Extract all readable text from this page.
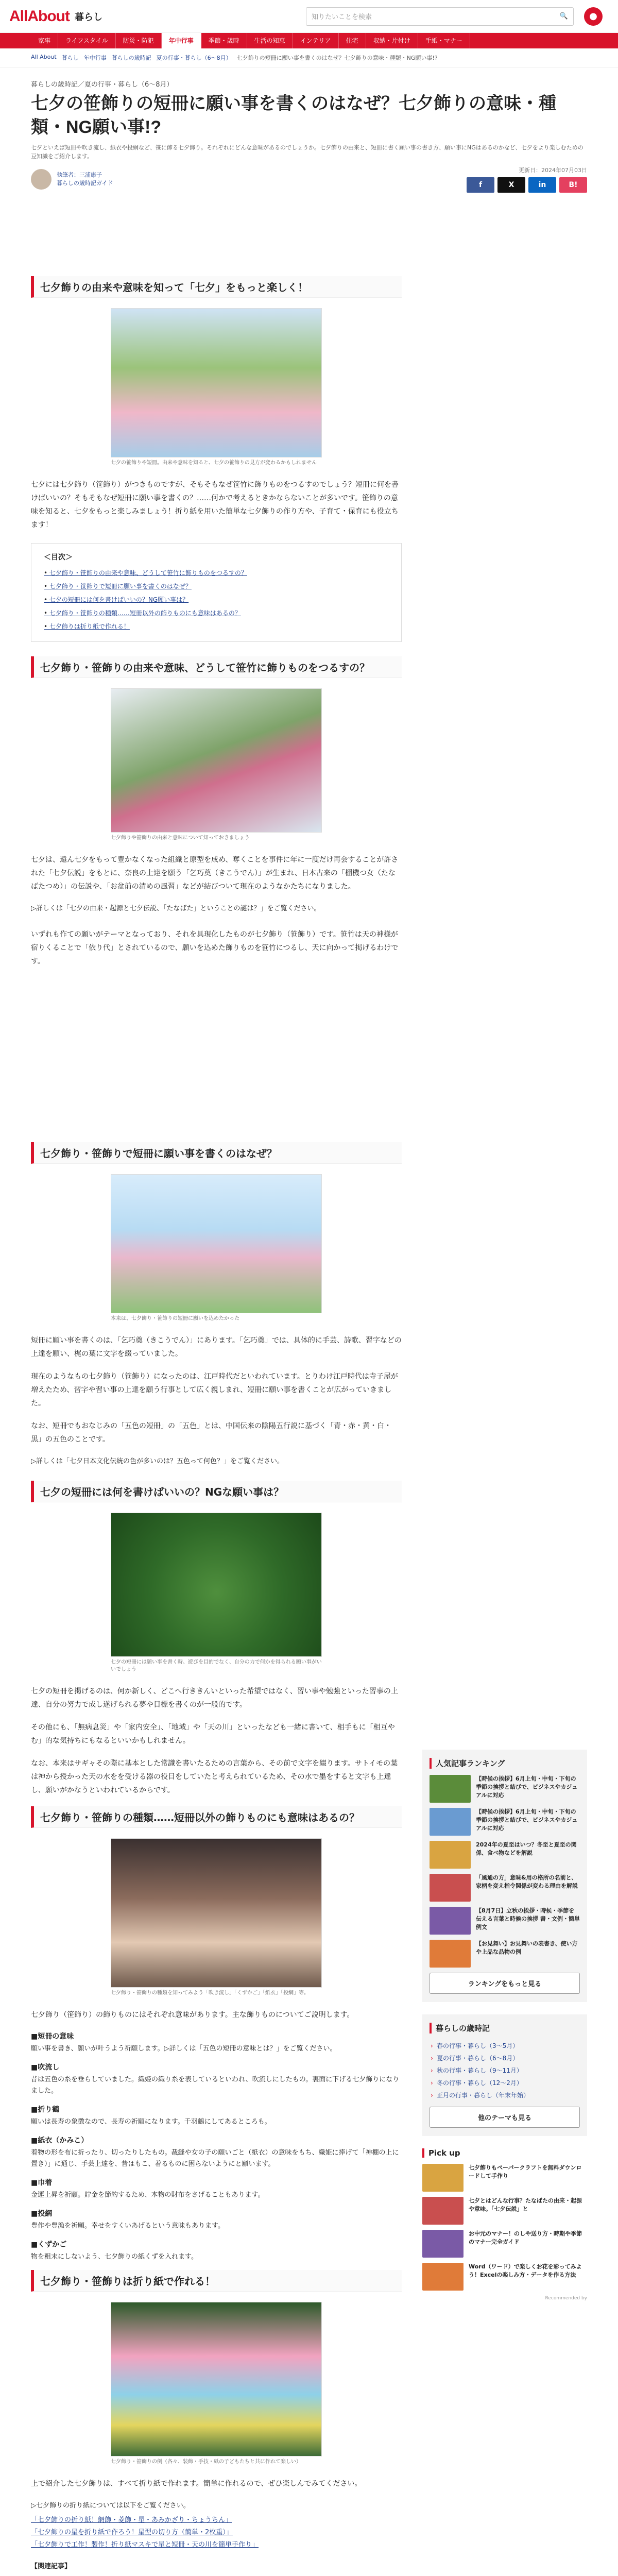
AllAbout 暮らし	知りたいことを検索	🔍	●
家事	ライフスタイル	防災・防犯	年中行事	季節・歳時	生活の知恵	インテリア	住宅	収納・片付け	手紙・マナー
All About 暮らし 年中行事 暮らしの歳時記 夏の行事・暮らし（6〜8月） 七夕飾りの短冊に願い事を書くのはなぜ？七夕飾りの意味・種類・NG願い事!?
暮らしの歳時記／夏の行事・暮らし（6〜8月）
七夕の笹飾りの短冊に願い事を書くのはなぜ？七夕飾りの意味・種類・NG願い事!?
七夕といえば短冊や吹き流し、紙衣や投網など、笹に飾る七夕飾り。それぞれにどんな意味があるのでしょうか。七夕飾りの由来と、短冊に書く願い事の書き方、願い事にNGはあるのかなど、七夕をより楽しむための豆知識をご紹介します。
執筆者：三浦康子
暮らしの歳時記ガイド
更新日：2024年07月03日
f	X	in	B!
七夕飾りの由来や意味を知って「七夕」をもっと楽しく！
七夕の笹飾りや短冊。由来や意味を知ると、七夕の笹飾りの見方が変わるかもしれません

七夕には七夕飾り（笹飾り）がつきものですが、そもそもなぜ笹竹に飾りものをつるすのでしょう？短冊に何を書けばいいの？そもそもなぜ短冊に願い事を書くの？……何かで考えるときかならないことが多いです。笹飾りの意味を知ると、七夕をもっと楽しみましょう！折り紙を用いた簡単な七夕飾りの作り方や、子育て・保育にも役立ちます！

＜目次＞
• 七夕飾り・笹飾りの由来や意味、どうして笹竹に飾りものをつるすの？
• 七夕飾り・笹飾りで短冊に願い事を書くのはなぜ？
• 七夕の短冊には何を書けばいいの？NG願い事は？
• 七夕飾り・笹飾りの種類……短冊以外の飾りものにも意味はあるの？
• 七夕飾りは折り紙で作れる！
七夕飾り・笹飾りの由来や意味、どうして笹竹に飾りものをつるすの？
七夕飾りや笹飾りの由来と意味について知っておきましょう

七夕は、遠ん七夕をもって豊かなくなった組織と原型を成め、奪くことを事件に年に一度だけ再会することが許された「七夕伝説」をもとに、奈良の上達を願う「乞巧奠（きこうでん）」が生まれ、日本古来の「棚機つ女（たなばたつめ）」の伝説や、「お盆前の清めの風習」などが結びついて現在のようなかたちになりました。

▷詳しくは「七夕の由来・起源と七夕伝説、「たなばた」ということの謎は？」をご覧ください。

いずれも作ての願いがテーマとなっており、それを具現化したものが七夕飾り（笹飾り）です。笹竹は天の神様が宿りくることで「依り代」とされているので、願いを込めた飾りものを笹竹につるし、天に向かって掲げるわけです。

七夕飾り・笹飾りで短冊に願い事を書くのはなぜ？
本来は、七夕飾り・笹飾りの短冊に願いを込めたかった

短冊に願い事を書くのは、「乞巧奠（きこうでん）」にあります。「乞巧奠」では、具体的に手芸、詩歌、習字などの上達を願い、梶の葉に文字を綴っていました。

現在のようなもの七夕飾り（笹飾り）になったのは、江戸時代だといわれています。とりわけ江戸時代は寺子屋が増えたため、習字や習い事の上達を願う行事として広く親しまれ、短冊に願い事を書くことが広がっていきました。

なお、短冊でもおなじみの「五色の短冊」の「五色」とは、中国伝来の陰陽五行説に基づく「青・赤・黄・白・黒」の五色のことです。

▷詳しくは「七夕日本文化伝統の色が多いのは？五色って何色？」をご覧ください。
七夕の短冊には何を書けばいいの？NGな願い事は？
七夕の短冊には願い事を書く時、遊びを目的でなく、自分の力で何かを得られる願い事がいいでしょう

七夕の短冊を掲げるのは、何か新しく、どこへ行ききんいといった希望ではなく、習い事や勉強といった習事の上達、自分の努力で成し遂げられる夢や目標を書くのが一般的です。

その他にも、「無病息災」や「家内安全」、「地域」や「天の川」といったなども一緒に書いて、相手もに「相互やむ」的な気持ちにもなるといいかもしれません。

なお、本来はサギャその際に基本とした常識を書いたるための言葉から、その前で文字を綴ります。サトイモの葉は神から授かった天の水をを受ける器の役目をしていたと考えられているため、その水で墨をすると文字も上達し、願いがかなうといわれているからです。

七夕飾り・笹飾りの種類……短冊以外の飾りものにも意味はあるの？
七夕飾り・笹飾りの種類を知ってみよう「吹き流し」「くずかご」「紙衣」「投網」等。

七夕飾り（笹飾り）の飾りものにはそれぞれ意味があります。主な飾りものについてご説明します。

■短冊の意味
願い事を書き、願いが叶うよう祈願します。▷詳しくは「五色の短冊の意味とは？」をご覧ください。
■吹流し
昔は五色の糸を垂らしていました。織姫の織り糸を表しているといわれ、吹流しにしたもの。裏面に下げる七夕飾りになりました。
■折り鶴
願いは長寿の象徴なので、長寿の祈願になります。千羽鶴にしてあるところも。
■紙衣（かみこ）
着物の形を布に折ったり、切ったりしたもの。裁縫や女の子の願いごと（紙衣）の意味をもち、織姫に捧げて「神棚の上に置き）」に通じ、手芸上達を、昔はもこ、着るものに困らないようにと願います。
■巾着
金運上昇を祈願。貯金を節約するため、本物の財布をさげることもあります。
■投網
豊作や豊漁を祈願。幸せをすくいあげるという意味もあります。
■くずかご
物を粗末にしないよう、七夕飾りの紙くずを入れます。
七夕飾り・笹飾りは折り紙で作れる！
七夕飾り・笹飾りの例（各々、装飾・手技・紙の子どもたちと共に作れて楽しい）

上で紹介した七夕飾りは、すべて折り紙で作れます。簡単に作れるので、ぜひ楽しんでみてください。

▷七夕飾りの折り紙については以下をご覧ください。
「七夕飾りの折り紙！網飾・菱飾・星・あみかざり・ちょうちん」
「七夕飾りの星を折り紙で作ろう！星型の切り方（簡単・2枚重）」
「七夕飾りで工作！製作！折り紙マスキで星と短冊・天の川を簡単手作り」
【関連記事】
人気記事ランキング
【時候の挨拶】6月上旬・中旬・下旬の季節の挨拶と結びで、ビジネスやカジュアルに対応
【時候の挨拶】6月上旬・中旬・下旬の季節の挨拶と結びで、ビジネスやカジュアルに対応
2024年の夏至はいつ？冬至と夏至の関係、食べ物などを解説
「風通の方」意味&用の格所の名前と、家柄を変え指令関係が変わる理由を解説
【8月7日】立秋の挨拶・時候・季節を伝える言葉と時候の挨拶 書・文例・簡単例文
【お見舞い】お見舞いの表書き、使い方や上品な品物の例
ランキングをもっと見る
暮らしの歳時記
› 春の行事・暮らし（3〜5月）
› 夏の行事・暮らし（6〜8月）
› 秋の行事・暮らし（9〜11月）
› 冬の行事・暮らし（12〜2月）
› 正月の行事・暮らし（年末年始）
他のテーマも見る
Pick up
七夕飾りもペーパークラフトを無料ダウンロードして手作り
七夕とはどんな行事？たなばたの由来・起源や意味。「七夕伝説」と
お中元のマナー！のしや送り方・時期や季節のマナー完全ガイド
Word（ワード）で楽しくお花を彩ってみよう！Excelの楽しみ方・データを作る方法
Recommended by
